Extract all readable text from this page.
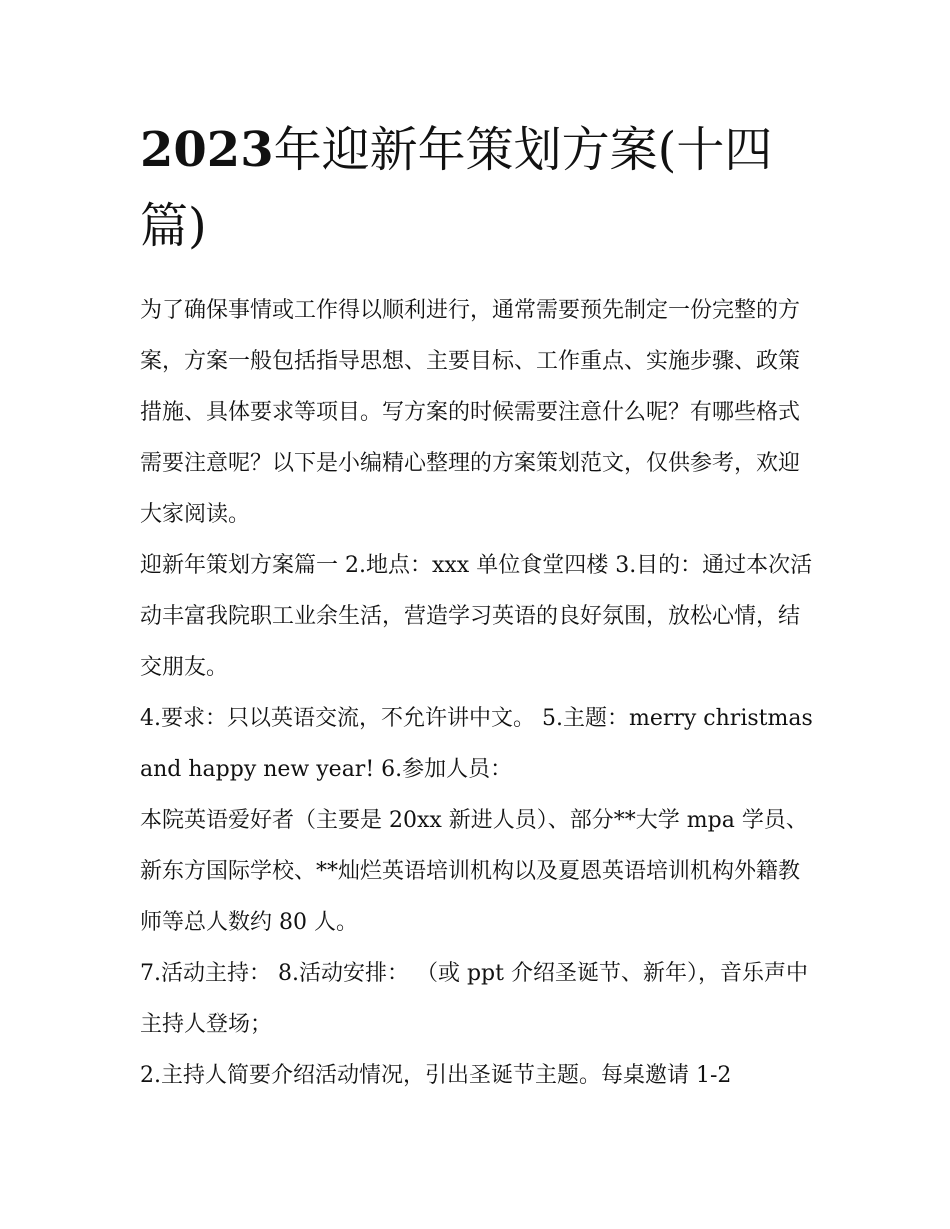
2023年迎新年策划方案(十四篇)

为了确保事情或工作得以顺利进行，通常需要预先制定一份完整的方案，方案一般包括指导思想、主要目标、工作重点、实施步骤、政策措施、具体要求等项目。写方案的时候需要注意什么呢？有哪些格式需要注意呢？以下是小编精心整理的方案策划范文，仅供参考，欢迎大家阅读。

迎新年策划方案篇一 2.地点：xxx 单位食堂四楼 3.目的：通过本次活动丰富我院职工业余生活，营造学习英语的良好氛围，放松心情，结交朋友。

4.要求：只以英语交流，不允许讲中文。 5.主题：merry christmas and happy new year! 6.参加人员：

本院英语爱好者（主要是 20xx 新进人员）、部分**大学 mpa 学员、新东方国际学校、**灿烂英语培训机构以及夏恩英语培训机构外籍教师等总人数约 80 人。

7.活动主持： 8.活动安排： （或 ppt 介绍圣诞节、新年），音乐声中主持人登场；

2.主持人简要介绍活动情况，引出圣诞节主题。每桌邀请 1-2
